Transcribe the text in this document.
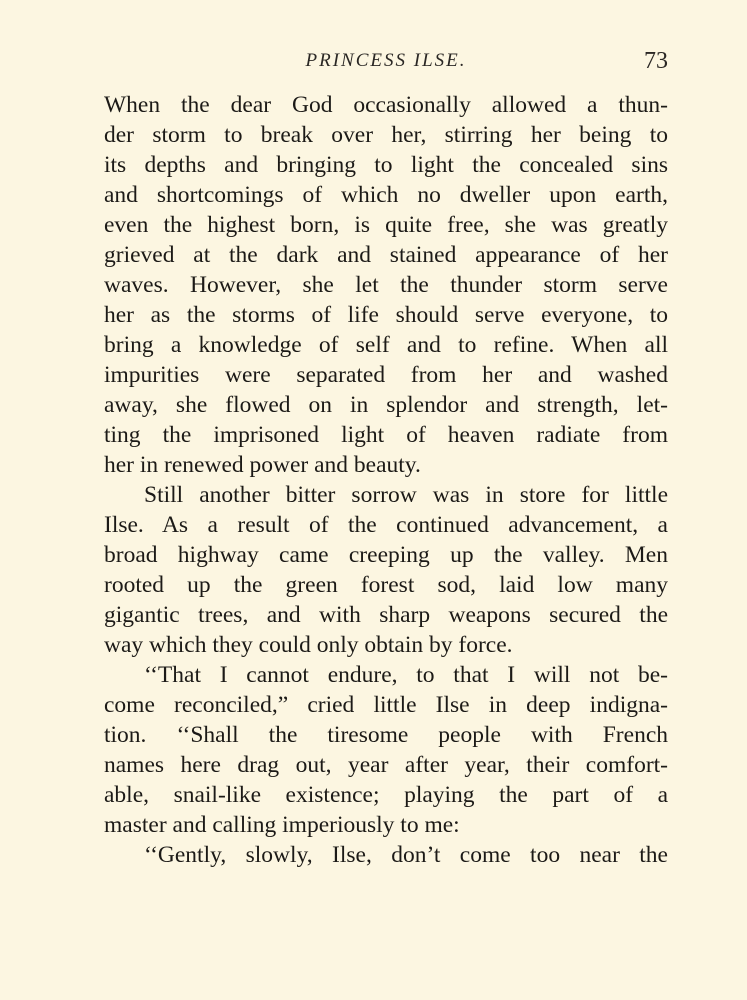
PRINCESS ILSE.	73
When the dear God occasionally allowed a thun-
der storm to break over her, stirring her being to
its depths and bringing to light the concealed sins
and shortcomings of which no dweller upon earth,
even the highest born, is quite free, she was greatly
grieved at the dark and stained appearance of her
waves. However, she let the thunder storm serve
her as the storms of life should serve everyone, to
bring a knowledge of self and to refine. When all
impurities were separated from her and washed
away, she flowed on in splendor and strength, let-
ting the imprisoned light of heaven radiate from
her in renewed power and beauty.
Still another bitter sorrow was in store for little
Ilse. As a result of the continued advancement, a
broad highway came creeping up the valley. Men
rooted up the green forest sod, laid low many
gigantic trees, and with sharp weapons secured the
way which they could only obtain by force.
‘‘That I cannot endure, to that I will not be-
come reconciled,” cried little Ilse in deep indigna-
tion. ‘‘Shall the tiresome people with French
names here drag out, year after year, their comfort-
able, snail-like existence; playing the part of a
master and calling imperiously to me:
‘‘Gently, slowly, Ilse, don’t come too near the
